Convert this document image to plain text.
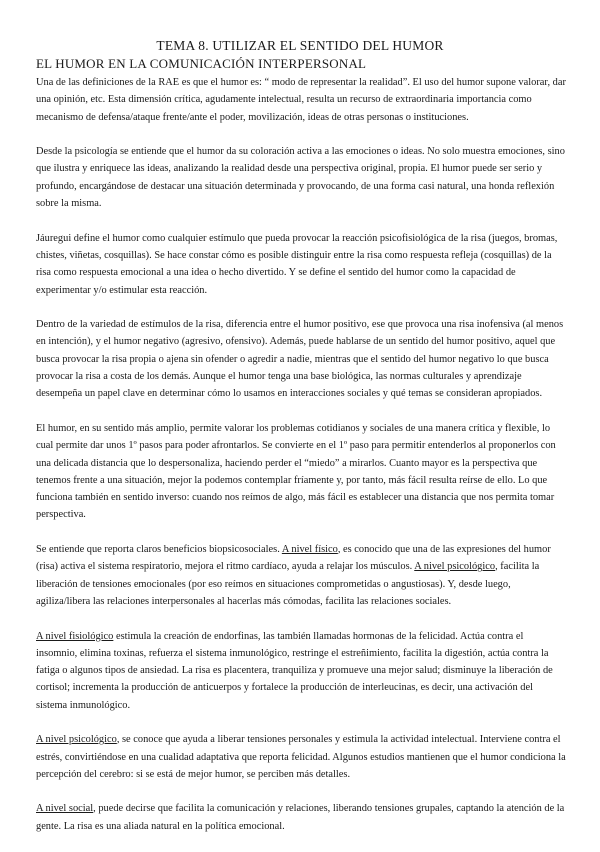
TEMA 8. UTILIZAR EL SENTIDO DEL HUMOR
EL HUMOR EN LA COMUNICACIÓN INTERPERSONAL

Una de las definiciones de la RAE es que el humor es: “ modo de representar la realidad”. El uso del humor supone valorar, dar una opinión, etc. Esta dimensión crítica, agudamente intelectual, resulta un recurso de extraordinaria importancia como mecanismo de defensa/ataque frente/ante el poder, movilización, ideas de otras personas o instituciones.

Desde la psicología se entiende que el humor da su coloración activa a las emociones o ideas. No solo muestra emociones, sino que ilustra y enriquece las ideas, analizando la realidad desde una perspectiva original, propia. El humor puede ser serio y profundo, encargándose de destacar una situación determinada y provocando, de una forma casi natural, una honda reflexión sobre la misma.

Jáuregui define el humor como cualquier estímulo que pueda provocar la reacción psicofisiológica de la risa (juegos, bromas, chistes, viñetas, cosquillas). Se hace constar cómo es posible distinguir entre la risa como respuesta refleja (cosquillas) de la risa como respuesta emocional a una idea o hecho divertido. Y se define el sentido del humor como la capacidad de experimentar y/o estimular esta reacción.

Dentro de la variedad de estímulos de la risa, diferencia entre el humor positivo, ese que provoca una risa inofensiva (al menos en intención), y el humor negativo (agresivo, ofensivo). Además, puede hablarse de un sentido del humor positivo, aquel que busca provocar la risa propia o ajena sin ofender o agredir a nadie, mientras que el sentido del humor negativo lo que busca provocar la risa a costa de los demás. Aunque el humor tenga una base biológica, las normas culturales y aprendizaje desempeña un papel clave en determinar cómo lo usamos en interacciones sociales y qué temas se consideran apropiados.

El humor, en su sentido más amplio, permite valorar los problemas cotidianos y sociales de una manera crítica y flexible, lo cual permite dar unos 1º pasos para poder afrontarlos. Se convierte en el 1º paso para permitir entenderlos al proponerlos con una delicada distancia que lo despersonaliza, haciendo perder el “miedo” a mirarlos. Cuanto mayor es la perspectiva que tenemos frente a una situación, mejor la podemos contemplar fríamente y, por tanto, más fácil resulta reírse de ello. Lo que funciona también en sentido inverso: cuando nos reímos de algo, más fácil es establecer una distancia que nos permita tomar perspectiva.

Se entiende que reporta claros beneficios biopsicosociales. A nivel físico, es conocido que una de las expresiones del humor (risa) activa el sistema respiratorio, mejora el ritmo cardíaco, ayuda a relajar los músculos. A nivel psicológico, facilita la liberación de tensiones emocionales (por eso reímos en situaciones comprometidas o angustiosas). Y, desde luego, agiliza/libera las relaciones interpersonales al hacerlas más cómodas, facilita las relaciones sociales.

A nivel fisiológico estimula la creación de endorfinas, las también llamadas hormonas de la felicidad. Actúa contra el insomnio, elimina toxinas, refuerza el sistema inmunológico, restringe el estreñimiento, facilita la digestión, actúa contra la fatiga o algunos tipos de ansiedad. La risa es placentera, tranquiliza y promueve una mejor salud; disminuye la liberación de cortisol; incrementa la producción de anticuerpos y fortalece la producción de interleucinas, es decir, una activación del sistema inmunológico.

A nivel psicológico, se conoce que ayuda a liberar tensiones personales y estimula la actividad intelectual. Interviene contra el estrés, convirtiéndose en una cualidad adaptativa que reporta felicidad. Algunos estudios mantienen que el humor condiciona la percepción del cerebro: si se está de mejor humor, se perciben más detalles.

A nivel social, puede decirse que facilita la comunicación y relaciones, liberando tensiones grupales, captando la atención de la gente. La risa es una aliada natural en la política emocional.
